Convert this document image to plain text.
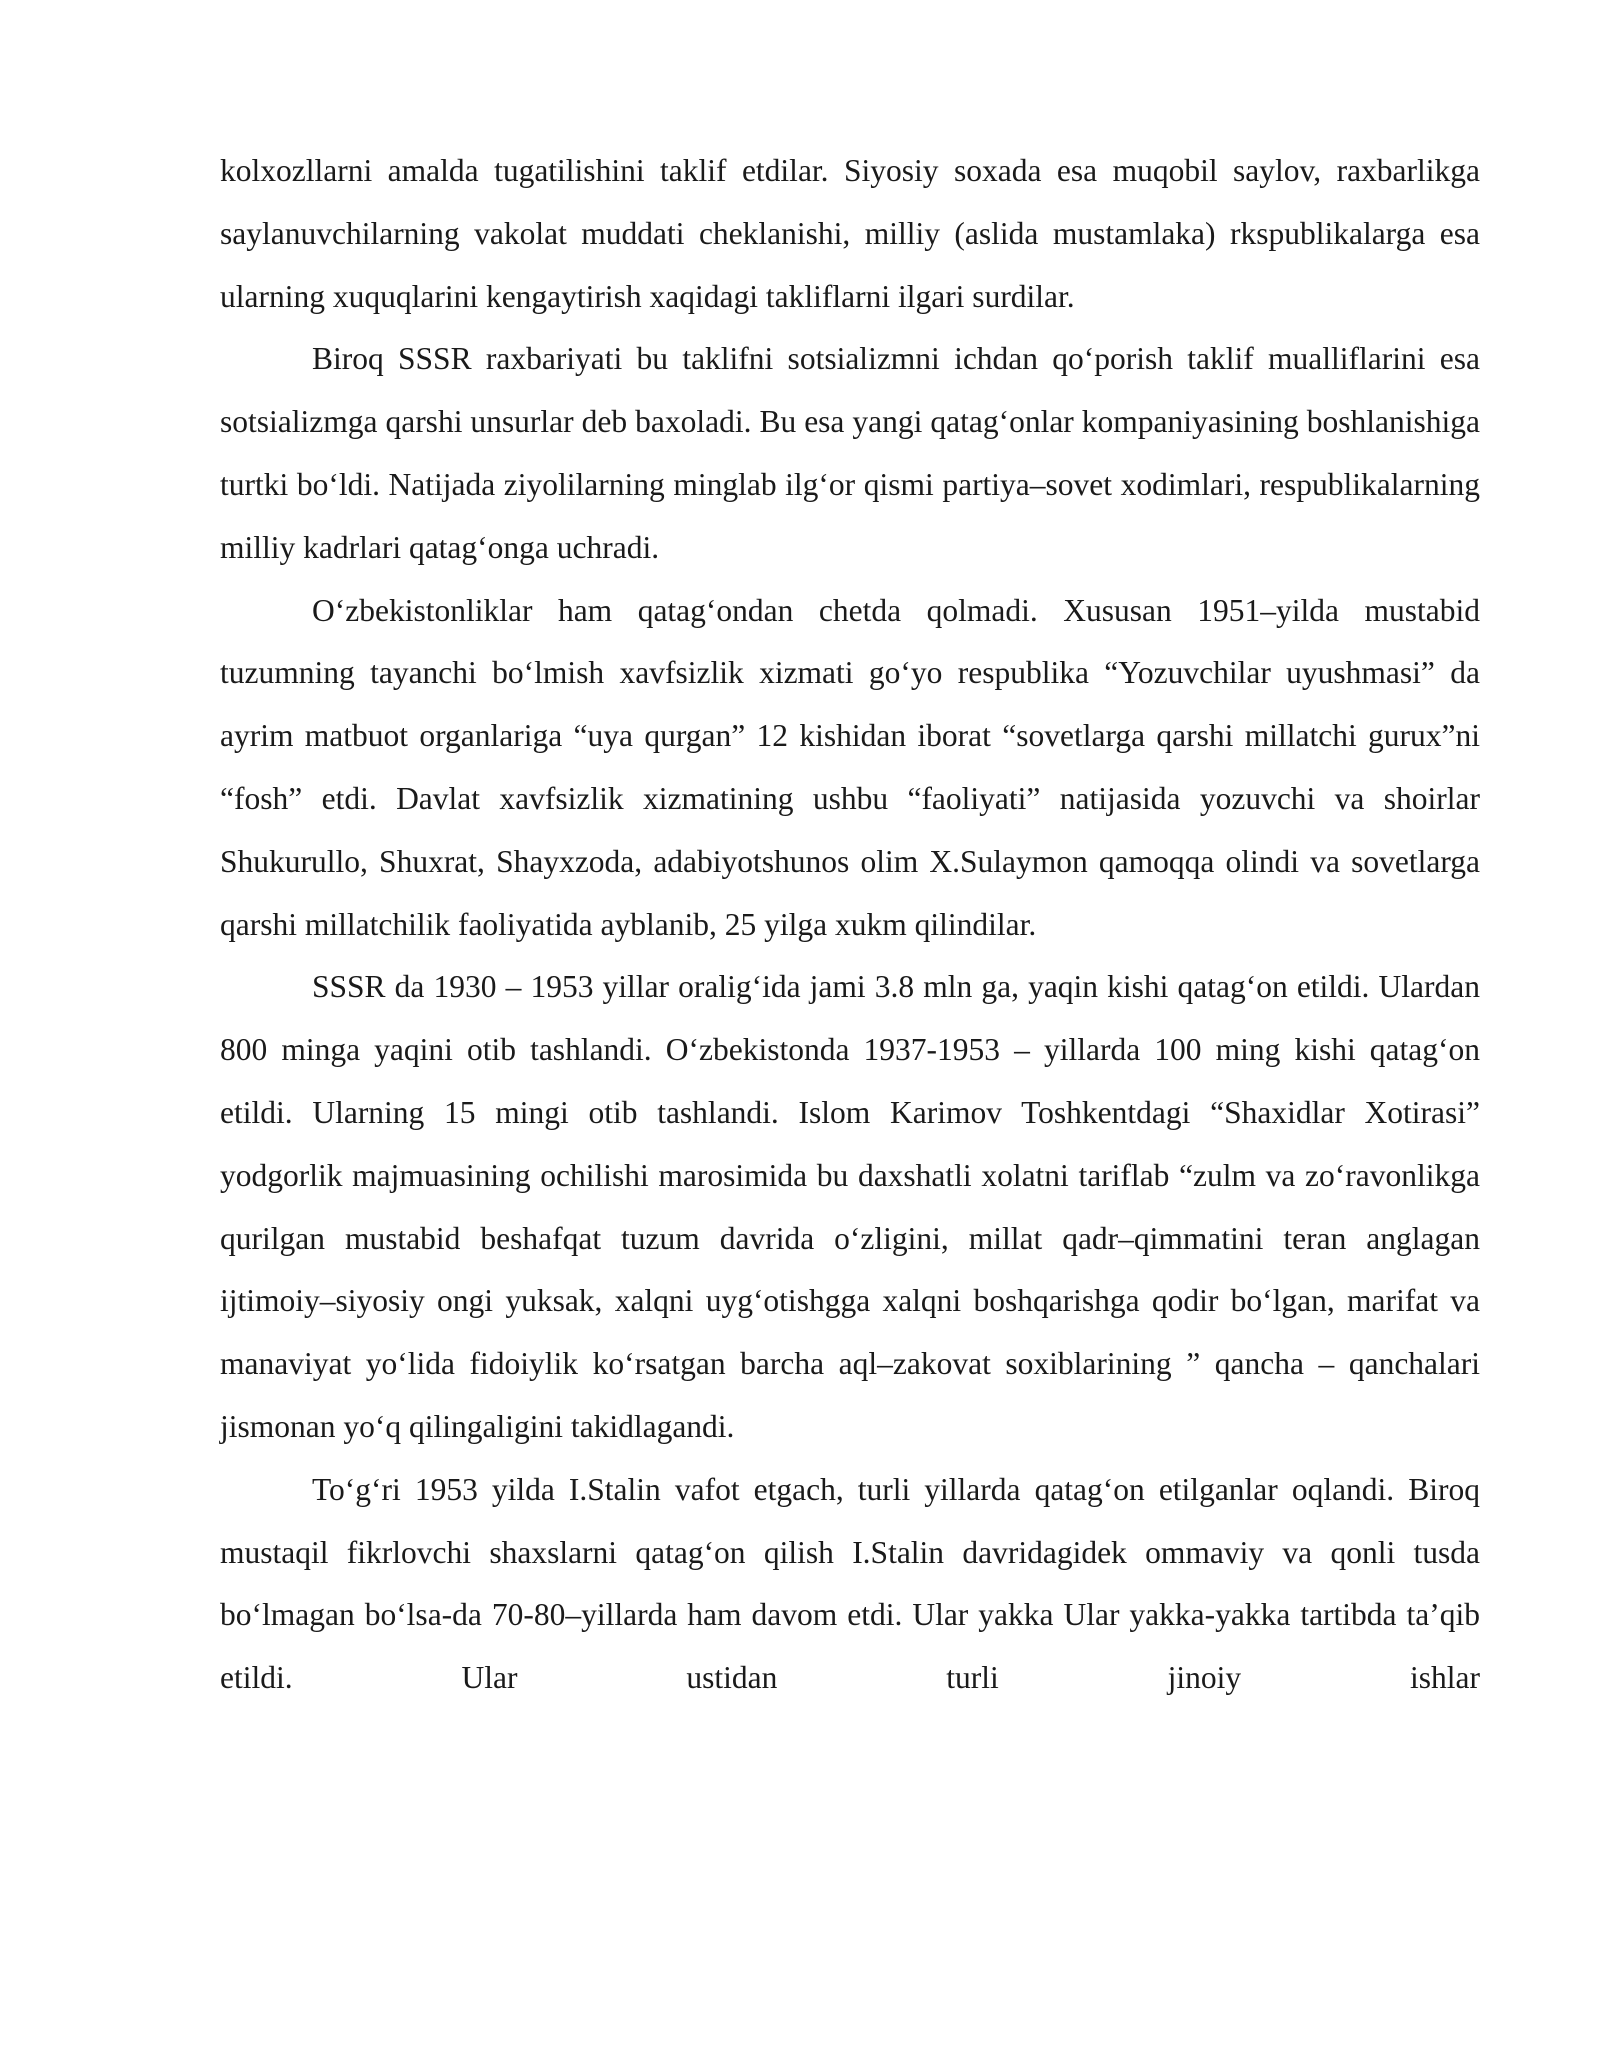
kolxozllarni amalda tugatilishini taklif etdilar. Siyosiy soxada esa muqobil saylov, raxbarlikga saylanuvchilarning vakolat muddati cheklanishi, milliy (aslida mustamlaka) rkspublikalarga esa ularning xuquqlarini kengaytirish xaqidagi takliflarni ilgari surdilar.

Biroq SSSR raxbariyati bu taklifni sotsializmni ichdan qo‘porish taklif mualliflarini esa sotsializmga qarshi unsurlar deb baxoladi. Bu esa yangi qatag‘onlar kompaniyasining boshlanishiga turtki bo‘ldi. Natijada ziyolilarning minglab ilg‘or qismi partiya–sovet xodimlari, respublikalarning milliy kadrlari qatag‘onga uchradi.

O‘zbekistonliklar ham qatag‘ondan chetda qolmadi. Xususan 1951–yilda mustabid tuzumning tayanchi bo‘lmish xavfsizlik xizmati go‘yo respublika “Yozuvchilar uyushmasi” da ayrim matbuot organlariga “uya qurgan” 12 kishidan iborat “sovetlarga qarshi millatchi gurux”ni “fosh” etdi. Davlat xavfsizlik xizmatining ushbu “faoliyati” natijasida yozuvchi va shoirlar Shukurullo, Shuxrat, Shayxzoda, adabiyotshunos olim X.Sulaymon qamoqqa olindi va sovetlarga qarshi millatchilik faoliyatida ayblanib, 25 yilga xukm qilindilar.

SSSR da 1930 – 1953 yillar oralig‘ida jami 3.8 mln ga, yaqin kishi qatag‘on etildi. Ulardan 800 minga yaqini otib tashlandi. O‘zbekistonda 1937-1953 – yillarda 100 ming kishi qatag‘on etildi. Ularning 15 mingi otib tashlandi. Islom Karimov Toshkentdagi “Shaxidlar Xotirasi” yodgorlik majmuasining ochilishi marosimida bu daxshatli xolatni tariflab “zulm va zo‘ravonlikga qurilgan mustabid beshafqat tuzum davrida o‘zligini, millat qadr–qimmatini teran anglagan ijtimoiy–siyosiy ongi yuksak, xalqni uyg‘otishgga xalqni boshqarishga qodir bo‘lgan, marifat va manaviyat yo‘lida fidoiylik ko‘rsatgan barcha aql–zakovat soxiblarining ” qancha – qanchalari jismonan yo‘q qilingaligini takidlagandi.

To‘g‘ri 1953 yilda I.Stalin vafot etgach, turli yillarda qatag‘on etilganlar oqlandi. Biroq mustaqil fikrlovchi shaxslarni qatag‘on qilish I.Stalin davridagidek ommaviy va qonli tusda bo‘lmagan bo‘lsa-da 70-80–yillarda ham davom etdi. Ular yakka Ular yakka-yakka tartibda ta’qib etildi. Ular ustidan turli jinoiy ishlar
